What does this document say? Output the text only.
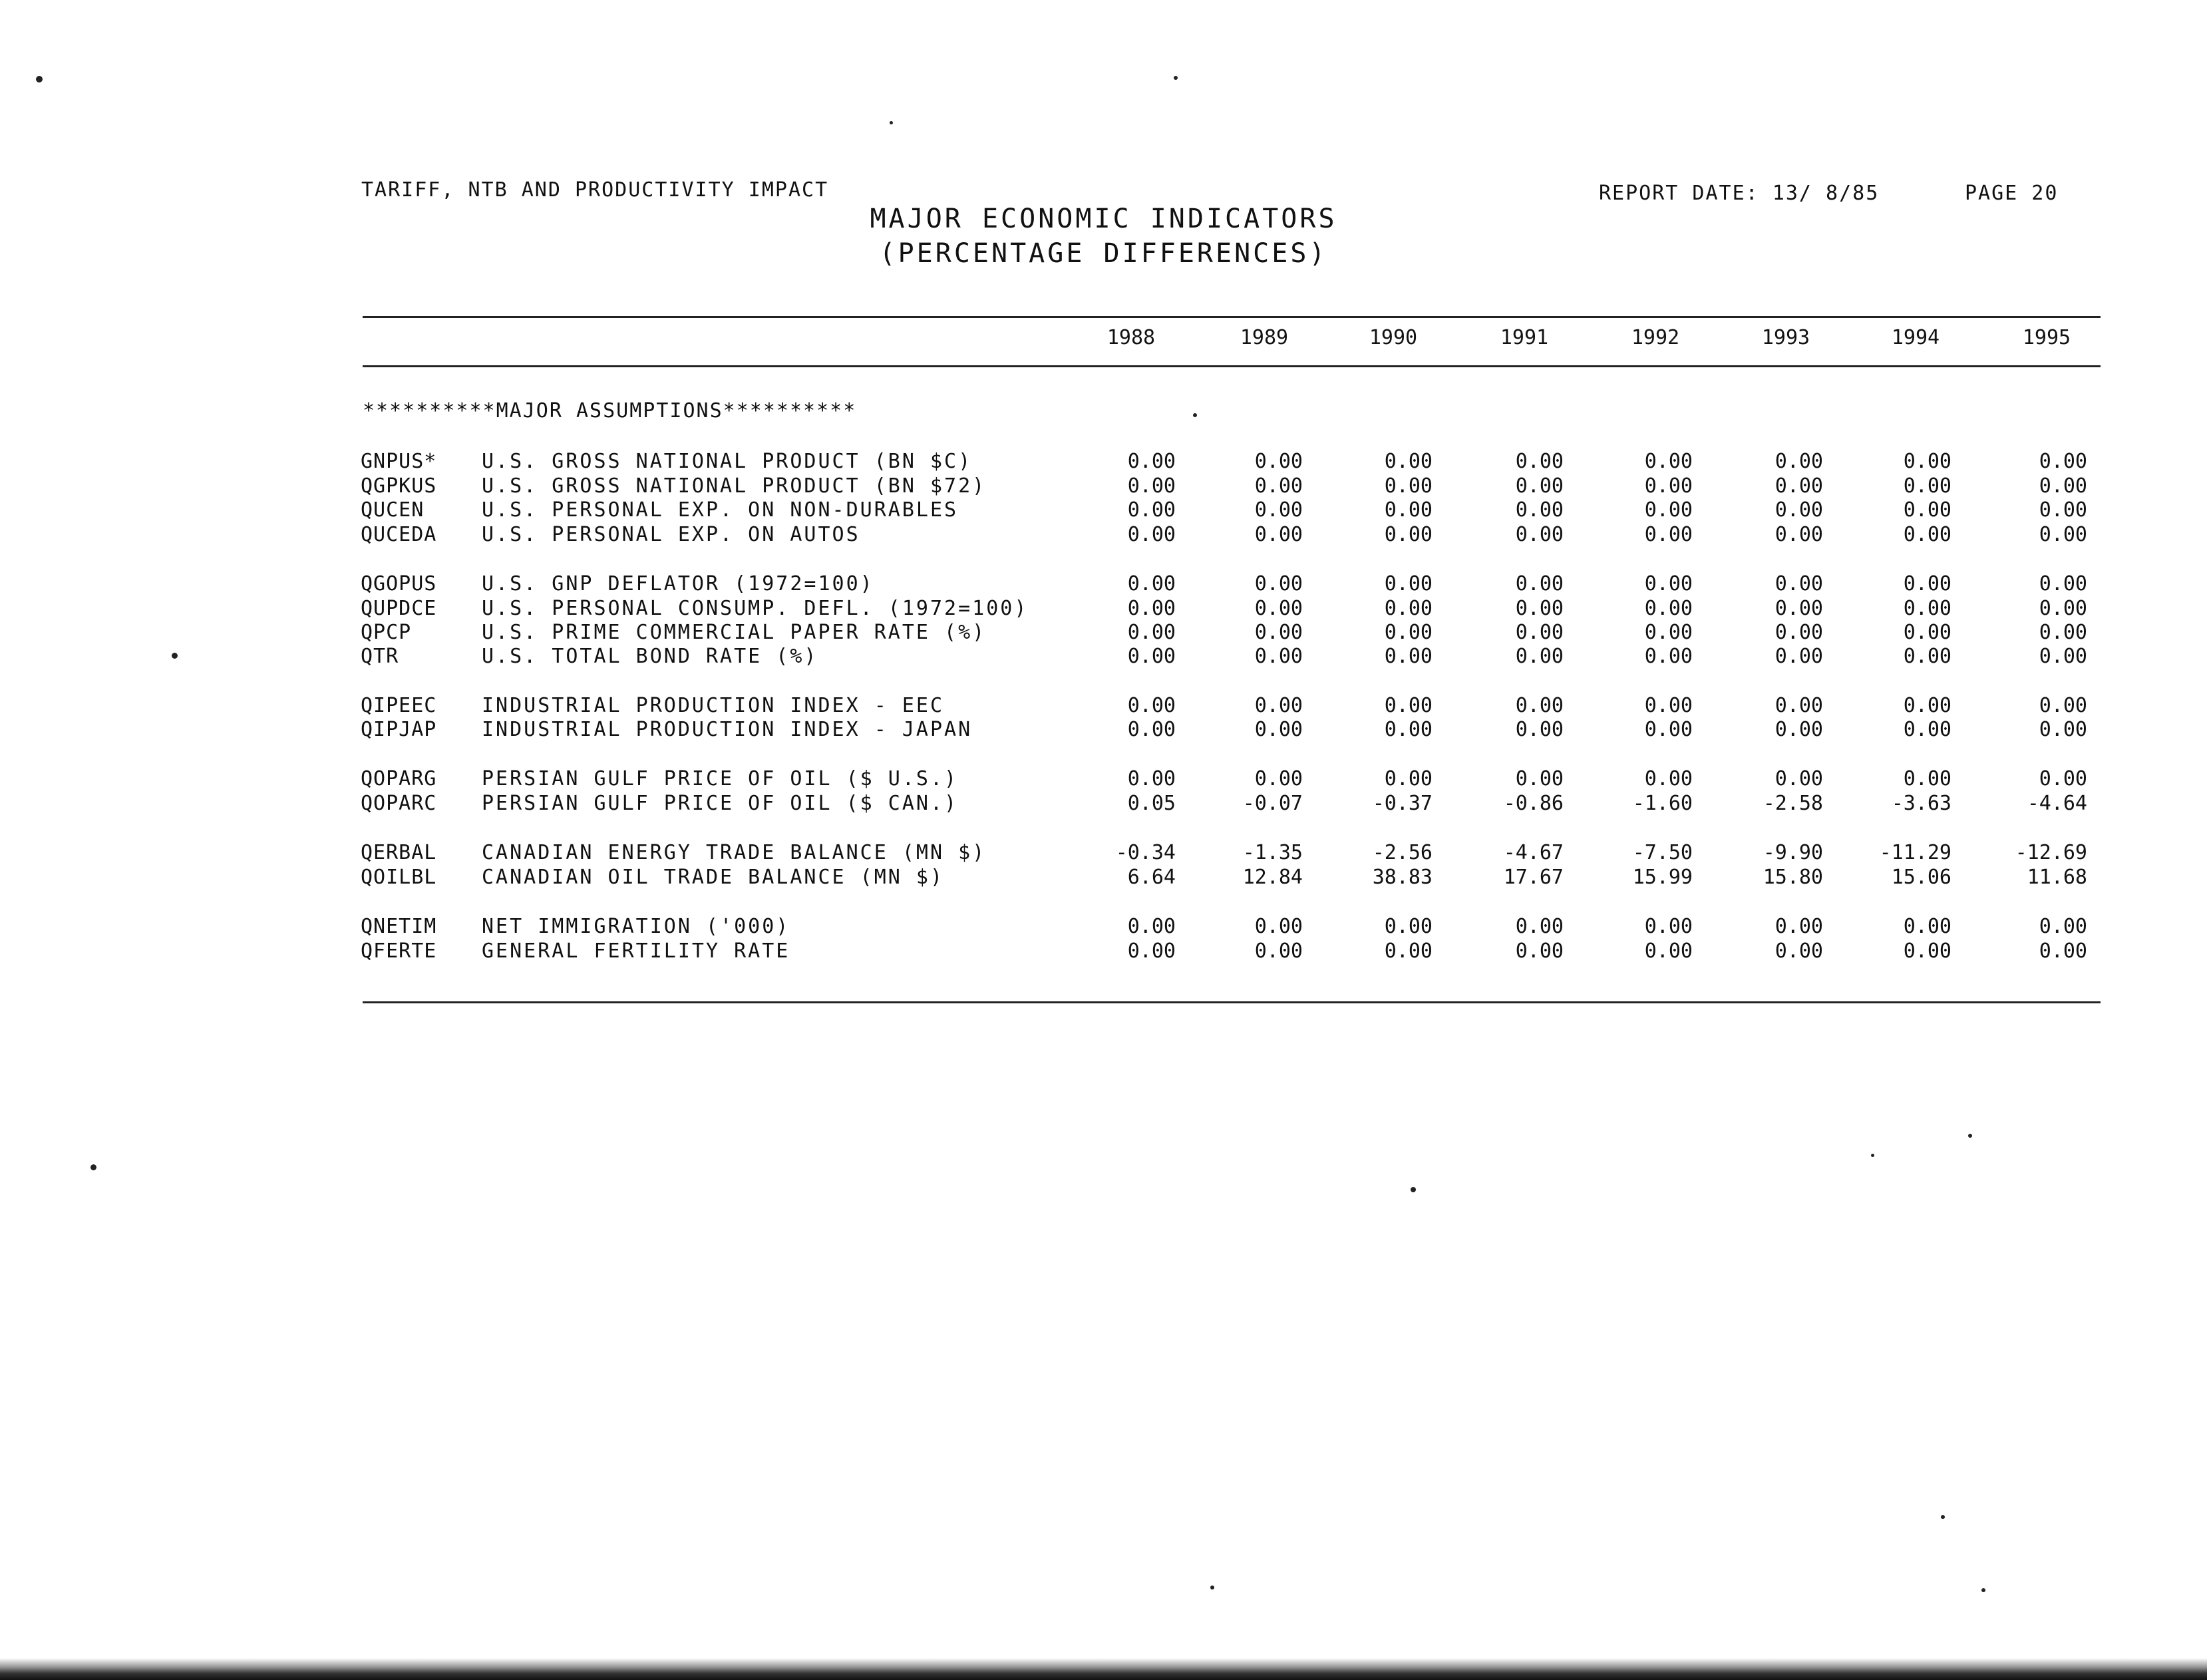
TARIFF, NTB AND PRODUCTIVITY IMPACT	REPORT DATE: 13/ 8/85	PAGE 20
MAJOR ECONOMIC INDICATORS
(PERCENTAGE DIFFERENCES)
1988	1989	1990	1991	1992	1993	1994	1995
**********MAJOR ASSUMPTIONS**********
GNPUS* U.S. GROSS NATIONAL PRODUCT (BN $C)	0.00	0.00	0.00	0.00	0.00	0.00	0.00	0.00
QGPKUS U.S. GROSS NATIONAL PRODUCT (BN $72)	0.00	0.00	0.00	0.00	0.00	0.00	0.00	0.00
QUCEN	U.S. PERSONAL EXP. ON NON-DURABLES	0.00	0.00	0.00	0.00	0.00	0.00	0.00	0.00
QUCEDA U.S. PERSONAL EXP. ON AUTOS	0.00	0.00	0.00	0.00	0.00	0.00	0.00	0.00
QGOPUS U.S. GNP DEFLATOR (1972=100)	0.00	0.00	0.00	0.00	0.00	0.00	0.00	0.00
QUPDCE U.S. PERSONAL CONSUMP. DEFL. (1972=100)	0.00	0.00	0.00	0.00	0.00	0.00	0.00	0.00
QPCP	U.S. PRIME COMMERCIAL PAPER RATE (%)	0.00	0.00	0.00	0.00	0.00	0.00	0.00	0.00
QTR	U.S. TOTAL BOND RATE (%)	0.00	0.00	0.00	0.00	0.00	0.00	0.00	0.00
QIPEEC INDUSTRIAL PRODUCTION INDEX - EEC	0.00	0.00	0.00	0.00	0.00	0.00	0.00	0.00
QIPJAP INDUSTRIAL PRODUCTION INDEX - JAPAN	0.00	0.00	0.00	0.00	0.00	0.00	0.00	0.00
QOPARG PERSIAN GULF PRICE OF OIL ($ U.S.)	0.00	0.00	0.00	0.00	0.00	0.00	0.00	0.00
QOPARC PERSIAN GULF PRICE OF OIL ($ CAN.)	0.05	-0.07	-0.37	-0.86	-1.60	-2.58	-3.63	-4.64
QERBAL CANADIAN ENERGY TRADE BALANCE (MN $)	-0.34	-1.35	-2.56	-4.67	-7.50	-9.90	-11.29	-12.69
QOILBL CANADIAN OIL TRADE BALANCE (MN $)	6.64	12.84	38.83	17.67	15.99	15.80	15.06	11.68
QNETIM NET IMMIGRATION ('000)	0.00	0.00	0.00	0.00	0.00	0.00	0.00	0.00
QFERTE GENERAL FERTILITY RATE	0.00	0.00	0.00	0.00	0.00	0.00	0.00	0.00
